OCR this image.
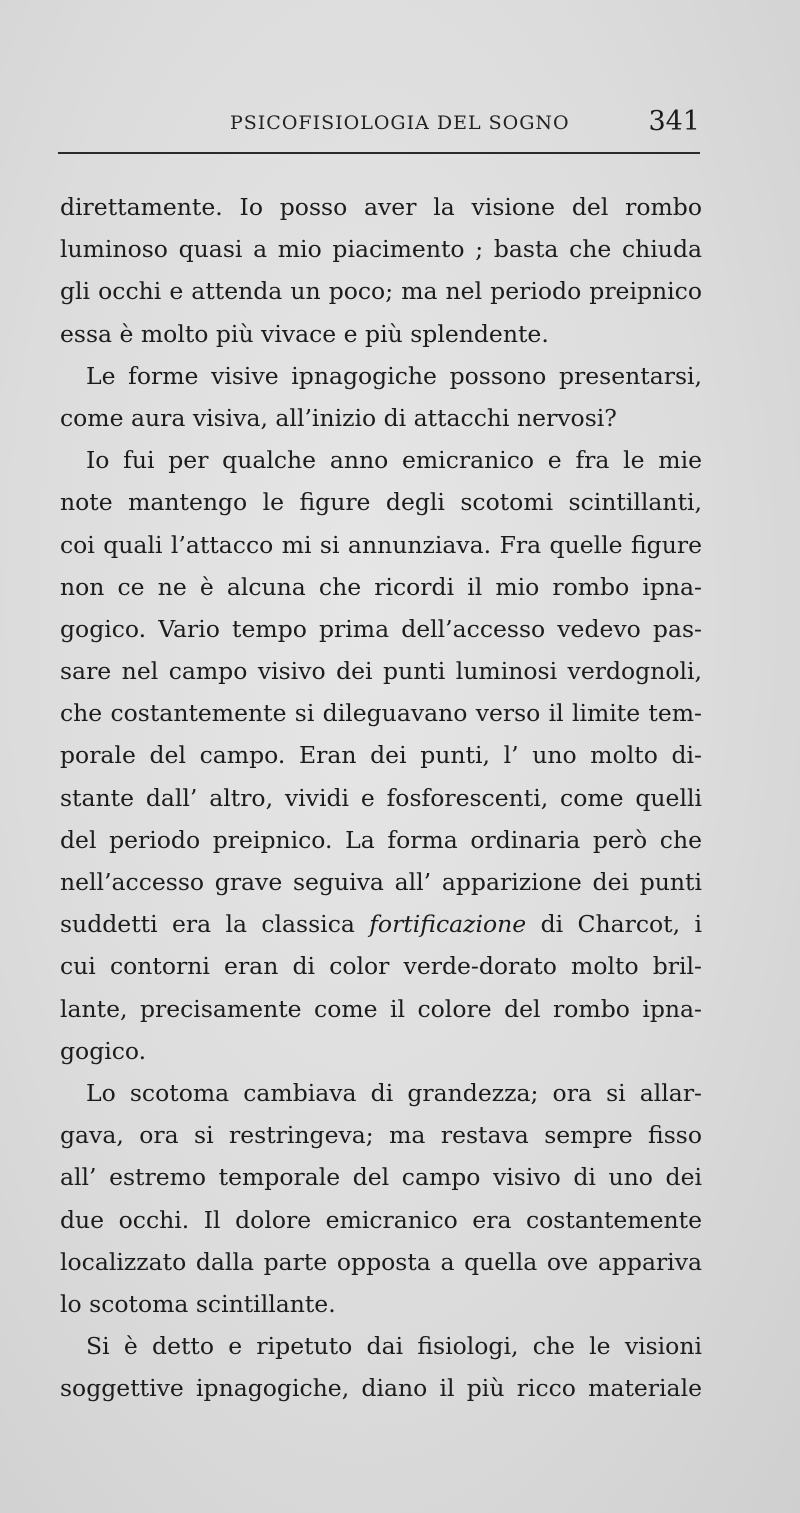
PSICOFISIOLOGIA DEL SOGNO	341
direttamente. Io posso aver la visione del rombo
luminoso quasi a mio piacimento ; basta che chiuda
gli occhi e attenda un poco; ma nel periodo preipnico
essa è molto più vivace e più splendente.
Le forme visive ipnagogiche possono presentarsi,
come aura visiva, all’inizio di attacchi nervosi?
Io fui per qualche anno emicranico e fra le mie
note mantengo le figure degli scotomi scintillanti,
coi quali l’attacco mi si annunziava. Fra quelle figure
non ce ne è alcuna che ricordi il mio rombo ipna-
gogico. Vario tempo prima dell’accesso vedevo pas-
sare nel campo visivo dei punti luminosi verdognoli,
che costantemente si dileguavano verso il limite tem-
porale del campo. Eran dei punti, l’ uno molto di-
stante dall’ altro, vividi e fosforescenti, come quelli
del periodo preipnico. La forma ordinaria però che
nell’accesso grave seguiva all’ apparizione dei punti
suddetti era la classica fortificazione di Charcot, i
cui contorni eran di color verde-dorato molto bril-
lante, precisamente come il colore del rombo ipna-
gogico.
Lo scotoma cambiava di grandezza; ora si allar-
gava, ora si restringeva; ma restava sempre fisso
all’ estremo temporale del campo visivo di uno dei
due occhi. Il dolore emicranico era costantemente
localizzato dalla parte opposta a quella ove appariva
lo scotoma scintillante.
Si è detto e ripetuto dai fisiologi, che le visioni
soggettive ipnagogiche, diano il più ricco materiale
